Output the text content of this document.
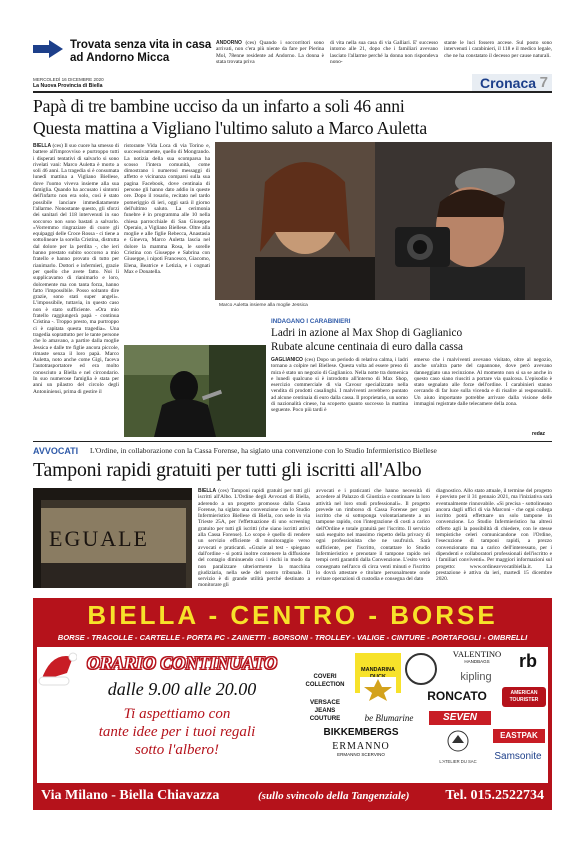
Trovata senza vita in casa
ad Andorno Micca
ANDORNO (ces) Quando i soccorritori sono arrivati, non c'era più niente da fare per Pierina Mol, 78enne residente ad Andorno. La donna è stata trovata priva
di vita nella sua casa di via Galliari. E' successo intorno alle 21, dopo che i familiari avevano lasciato l'allarme perché la donna non rispondeva nono-
stante le luci fossero accese. Sul posto sono intervenuti i carabinieri, il 118 e il medico legale, che ne ha constatato il decesso per cause naturali.
MERCOLEDÌ 16 DICEMBRE 2020
La Nuova Provincia di Biella	Cronaca 7
Papà di tre bambine ucciso da un infarto a soli 46 anni
Questa mattina a Vigliano l'ultimo saluto a Marco Auletta
BIELLA (ces) Il suo cuore ha smesso di battere all'improvviso e purtroppo tutti i disperati tentativi di salvarlo si sono rivelati vani: Marco Auletta è morto a soli 46 anni. La tragedia si è consumata lunedì mattina a Vigliano Biellese, dove l'uomo viveva insieme alla sua famiglia. Quando ha accusato i sintomi dell'infarto non era solo, così è stato possibile lanciare immediatamente l'allarme. Nonostante questo, gli sforzi dei sanitari del 118 intervenuti in suo soccorso non sono bastati a salvarlo. «Vorremmo ringraziare di cuore gli equipaggi delle Croce Rossa - ci tiene a sottolineare la sorella Cristina, distrutta dal dolore per la perdita -, che ieri hanno prestato subito soccorso a mio fratello e hanno provato di tutto per rianimarlo. Dottori e infermieri, grazie per quello che avete fatto. Noi li supplicavamo di rianimarlo e loro, dolcemente ma con tanta forza, hanno fatto l'impossibile. Posso soltanto dire grazie, sono stati super angeli». L'impossibile, tuttavia, in questo caso non è stato sufficiente. «Ora mio fratello raggiungerà papà - continua Cristina -. Troppo presto, ma purtroppo ci è capitata questa tragedia». Una tragedia soprattutto per le tante persone che lo amavano, a partire dalla moglie Jessica e dalle tre figlie ancora piccole, rimaste senza il loro papà. Marco Auletta, noto anche come Gigi, faceva l'autotrasportatore ed era molto conosciuto a Biella e nel circondario. In suo numerose famiglia è stata per anni un pilastro del circolo degli Antoniniensi, prima di gestire il
ristorante Vida Loca di via Torino e, successivamente, quello di Mongrando. La notizia della sua scomparsa ha scosso l'intera comunità, come dimostrano i numerosi messaggi di affetto e vicinanza comparsi sulla sua pagina Facebook, dove centinaia di persone gli hanno dato addio in queste ore. Dopo il rosario, recitato nel tardo pomeriggio di ieri, oggi sarà il giorno dell'ultimo saluto. La cerimonia funebre è in programma alle 10 nella chiesa parrocchiale di San Giuseppe Operaio, a Vigliano Biellese. Oltre alla moglie e alle figlie Rebecca, Anastasia e Ginevra, Marco Auletta lascia nel dolore la mamma Rosa, le sorelle Cristina con Giuseppe e Sabrina con Giuseppe, i nipoti Francesco, Giacomo, Elena, Beatrice e Letizia, e i cognati Max e Donatella.
Marco Auletta insieme alla moglie Jessica
INDAGANO I CARABINIERI
Ladri in azione al Max Shop di Gaglianico
Rubate alcune centinaia di euro dalla cassa
GAGLIANICO (ces) Dopo un periodo di relativa calma, i ladri tornano a colpire nel Biellese. Questa volta ad essere preso di mira è stato un negozio di Gaglianico. Nella notte tra domenica e lunedì qualcuno si è introdotto all'interno di Max Shop, esercizio commerciale di via Cavour specializzato nella vendita di prodotti casalinghi. I malviventi avrebbero puntato ad alcune centinaia di euro dalla cassa. Il proprietario, un uomo di nazionalità cinese, ha scoperto quanto successo la mattina seguente. Poco più tardi è
emerso che i malviventi avevano visitato, oltre al negozio, anche un'altra parte del capannone, dove però avevano danneggiato una recinzione. Al momento non si sa se anche in questo caso siano riusciti a portare via qualcosa. L'episodio è stato segnalato alle forze dell'ordine. I carabinieri stanno cercando di far luce sulla vicenda e di risalire ai responsabili. Un aiuto importante potrebbe arrivare dalla visione delle immagini registrate dalle telecamere della zona.
redaz
AVVOCATI L'Ordine, in collaborazione con la Cassa Forense, ha siglato una convenzione con lo Studio Infermieristico Biellese
Tamponi rapidi gratuiti per tutti gli iscritti all'Albo
EGUALE
BIELLA (ces) Tamponi rapidi gratuiti per tutti gli iscritti all'Albo. L'Ordine degli Avvocati di Biella, aderendo a un progetto promosso dalla Cassa Forense, ha siglato una convenzione con lo Studio Infermieristico Biellese di Biella, con sede in via Trieste 25A, per l'effettuazione di uno screening gratuito per tutti gli iscritti (che siano iscritti attivi alla Cassa Forense). Lo scopo è quello di rendere un servizio efficiente di monitoraggio verso avvocati e praticanti. «Grazie al test - spiegano dall'ordine - si potrà inoltre contenere la diffusione del contagio diminuendo così i rischi in modo da non paralizzare ulteriormente la macchina giudiziaria, nella sede del nostro tribunale. Il servizio è di grande utilità perché destinato a monitorare gli
avvocati e i praticanti che hanno necessità di accedere al Palazzo di Giustizia e continuare la loro attività nel loro studi professionali». Il progetto prevede un rimborso di Cassa Forense per ogni iscritto che si sottoponga volontariamente a un tampone rapido, con l'integrazione di costi a carico dell'Ordine e totale gratuità per l'iscritto. Il servizio sarà eseguito nel massimo rispetto della privacy di ogni professionista che ne usufruirà. Sarà sufficiente, per l'iscritto, contattare lo Studio Infermieristico e prenotare il tampone rapido nei tempi certi garantiti dalla Convenzione. L'esito verrà consegnato nell'arco di circa venti minuti e l'iscritto lo dovrà attestare e titolare personalmente onde evitare operazioni di custodia e consegna del dato
diagnostico. Allo stato attuale, il termine del progetto è previsto per il 31 gennaio 2021, ma l'iniziativa sarà eventualmente rinnovabile. «Si precisa - sottolineano ancora dagli uffici di via Marconi - che ogni collega iscritto potrà effettuare un solo tampone in convenzione. Lo Studio Infermieristico ha altresì offerto agli la possibilità di chiedere, con le stesse tempistiche celeri comunicandone con l'Ordine, l'esecuzione di tamponi rapidi, a prezzo convenzionato ma a carico dell'interessato, per i dipendenti e collaboratori professionali dell'iscritto e i familiari conviventi». Per maggiori informazioni sul progetto: www.ordineavvocatibiella.it. La prestazione è attiva da ieri, martedì 15 dicembre 2020.
BIELLA - CENTRO - BORSE
BORSE - TRACOLLE - CARTELLE - PORTA PC - ZAINETTI - BORSONI - TROLLEY - VALIGE - CINTURE - PORTAFOGLI - OMBRELLI
ORARIO CONTINUATO
dalle 9.00 alle 20.00
Ti aspettiamo con
tante idee per i tuoi regali
sotto l'albero!
COVERI COLLECTION
MANDARINA
VALENTINO
HANDBAGS	rb
kipling
VERSACE JEANS COUTURE
RONCATO	AMERICAN TOURISTER
be Blumarine	SEVEN
BIKKEMBERGS	EASTPAK
ERMANNO
ERMANNO SCERVINO
L'ATELIER DU SAC	Samsonite
Via Milano - Biella Chiavazza	(sullo svincolo della Tangenziale)	Tel. 015.2522734
